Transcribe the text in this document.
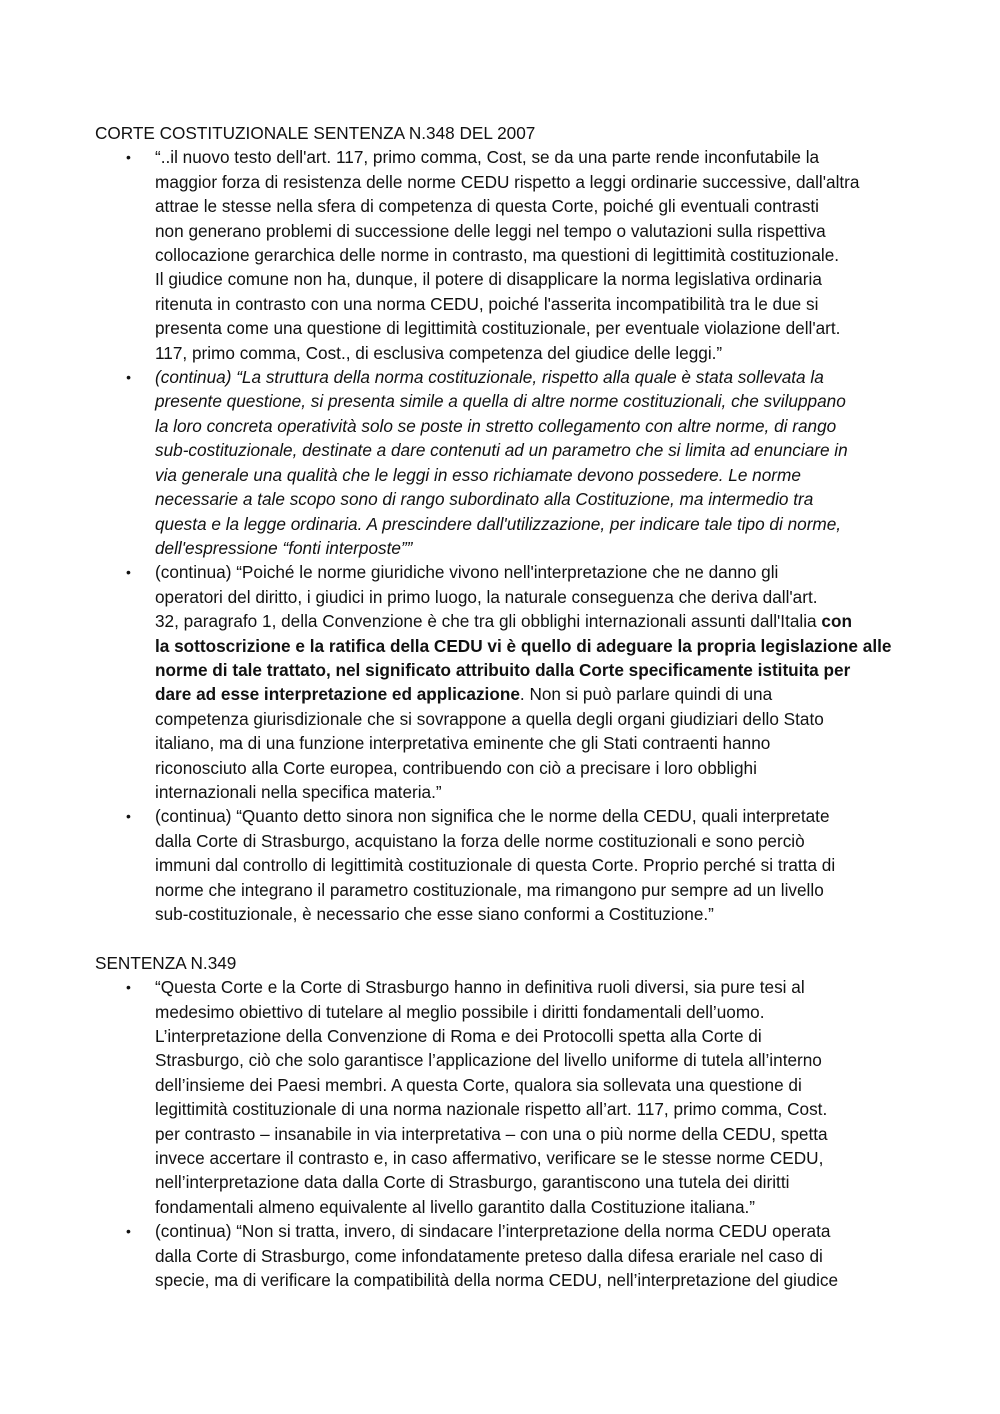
CORTE COSTITUZIONALE SENTENZA N.348 DEL 2007

• “..il nuovo testo dell'art. 117, primo comma, Cost, se da una parte rende inconfutabile la
maggior forza di resistenza delle norme CEDU rispetto a leggi ordinarie successive, dall'altra
attrae le stesse nella sfera di competenza di questa Corte, poiché gli eventuali contrasti
non generano problemi di successione delle leggi nel tempo o valutazioni sulla rispettiva
collocazione gerarchica delle norme in contrasto, ma questioni di legittimità costituzionale.
Il giudice comune non ha, dunque, il potere di disapplicare la norma legislativa ordinaria
ritenuta in contrasto con una norma CEDU, poiché l'asserita incompatibilità tra le due si
presenta come una questione di legittimità costituzionale, per eventuale violazione dell'art.
117, primo comma, Cost., di esclusiva competenza del giudice delle leggi.”
• (continua) “La struttura della norma costituzionale, rispetto alla quale è stata sollevata la
presente questione, si presenta simile a quella di altre norme costituzionali, che sviluppano
la loro concreta operatività solo se poste in stretto collegamento con altre norme, di rango
sub-costituzionale, destinate a dare contenuti ad un parametro che si limita ad enunciare in
via generale una qualità che le leggi in esso richiamate devono possedere. Le norme
necessarie a tale scopo sono di rango subordinato alla Costituzione, ma intermedio tra
questa e la legge ordinaria. A prescindere dall'utilizzazione, per indicare tale tipo di norme,
dell'espressione “fonti interposte””
• (continua) “Poiché le norme giuridiche vivono nell'interpretazione che ne danno gli
operatori del diritto, i giudici in primo luogo, la naturale conseguenza che deriva dall'art.
32, paragrafo 1, della Convenzione è che tra gli obblighi internazionali assunti dall'Italia con
la sottoscrizione e la ratifica della CEDU vi è quello di adeguare la propria legislazione alle
norme di tale trattato, nel significato attribuito dalla Corte specificamente istituita per
dare ad esse interpretazione ed applicazione. Non si può parlare quindi di una
competenza giurisdizionale che si sovrappone a quella degli organi giudiziari dello Stato
italiano, ma di una funzione interpretativa eminente che gli Stati contraenti hanno
riconosciuto alla Corte europea, contribuendo con ciò a precisare i loro obblighi
internazionali nella specifica materia.”
• (continua) “Quanto detto sinora non significa che le norme della CEDU, quali interpretate
dalla Corte di Strasburgo, acquistano la forza delle norme costituzionali e sono perciò
immuni dal controllo di legittimità costituzionale di questa Corte. Proprio perché si tratta di
norme che integrano il parametro costituzionale, ma rimangono pur sempre ad un livello
sub-costituzionale, è necessario che esse siano conformi a Costituzione.”

SENTENZA N.349

• “Questa Corte e la Corte di Strasburgo hanno in definitiva ruoli diversi, sia pure tesi al
medesimo obiettivo di tutelare al meglio possibile i diritti fondamentali dell’uomo.
L’interpretazione della Convenzione di Roma e dei Protocolli spetta alla Corte di
Strasburgo, ciò che solo garantisce l’applicazione del livello uniforme di tutela all’interno
dell’insieme dei Paesi membri. A questa Corte, qualora sia sollevata una questione di
legittimità costituzionale di una norma nazionale rispetto all’art. 117, primo comma, Cost.
per contrasto – insanabile in via interpretativa – con una o più norme della CEDU, spetta
invece accertare il contrasto e, in caso affermativo, verificare se le stesse norme CEDU,
nell’interpretazione data dalla Corte di Strasburgo, garantiscono una tutela dei diritti
fondamentali almeno equivalente al livello garantito dalla Costituzione italiana.”
• (continua) “Non si tratta, invero, di sindacare l’interpretazione della norma CEDU operata
dalla Corte di Strasburgo, come infondatamente preteso dalla difesa erariale nel caso di
specie, ma di verificare la compatibilità della norma CEDU, nell’interpretazione del giudice
